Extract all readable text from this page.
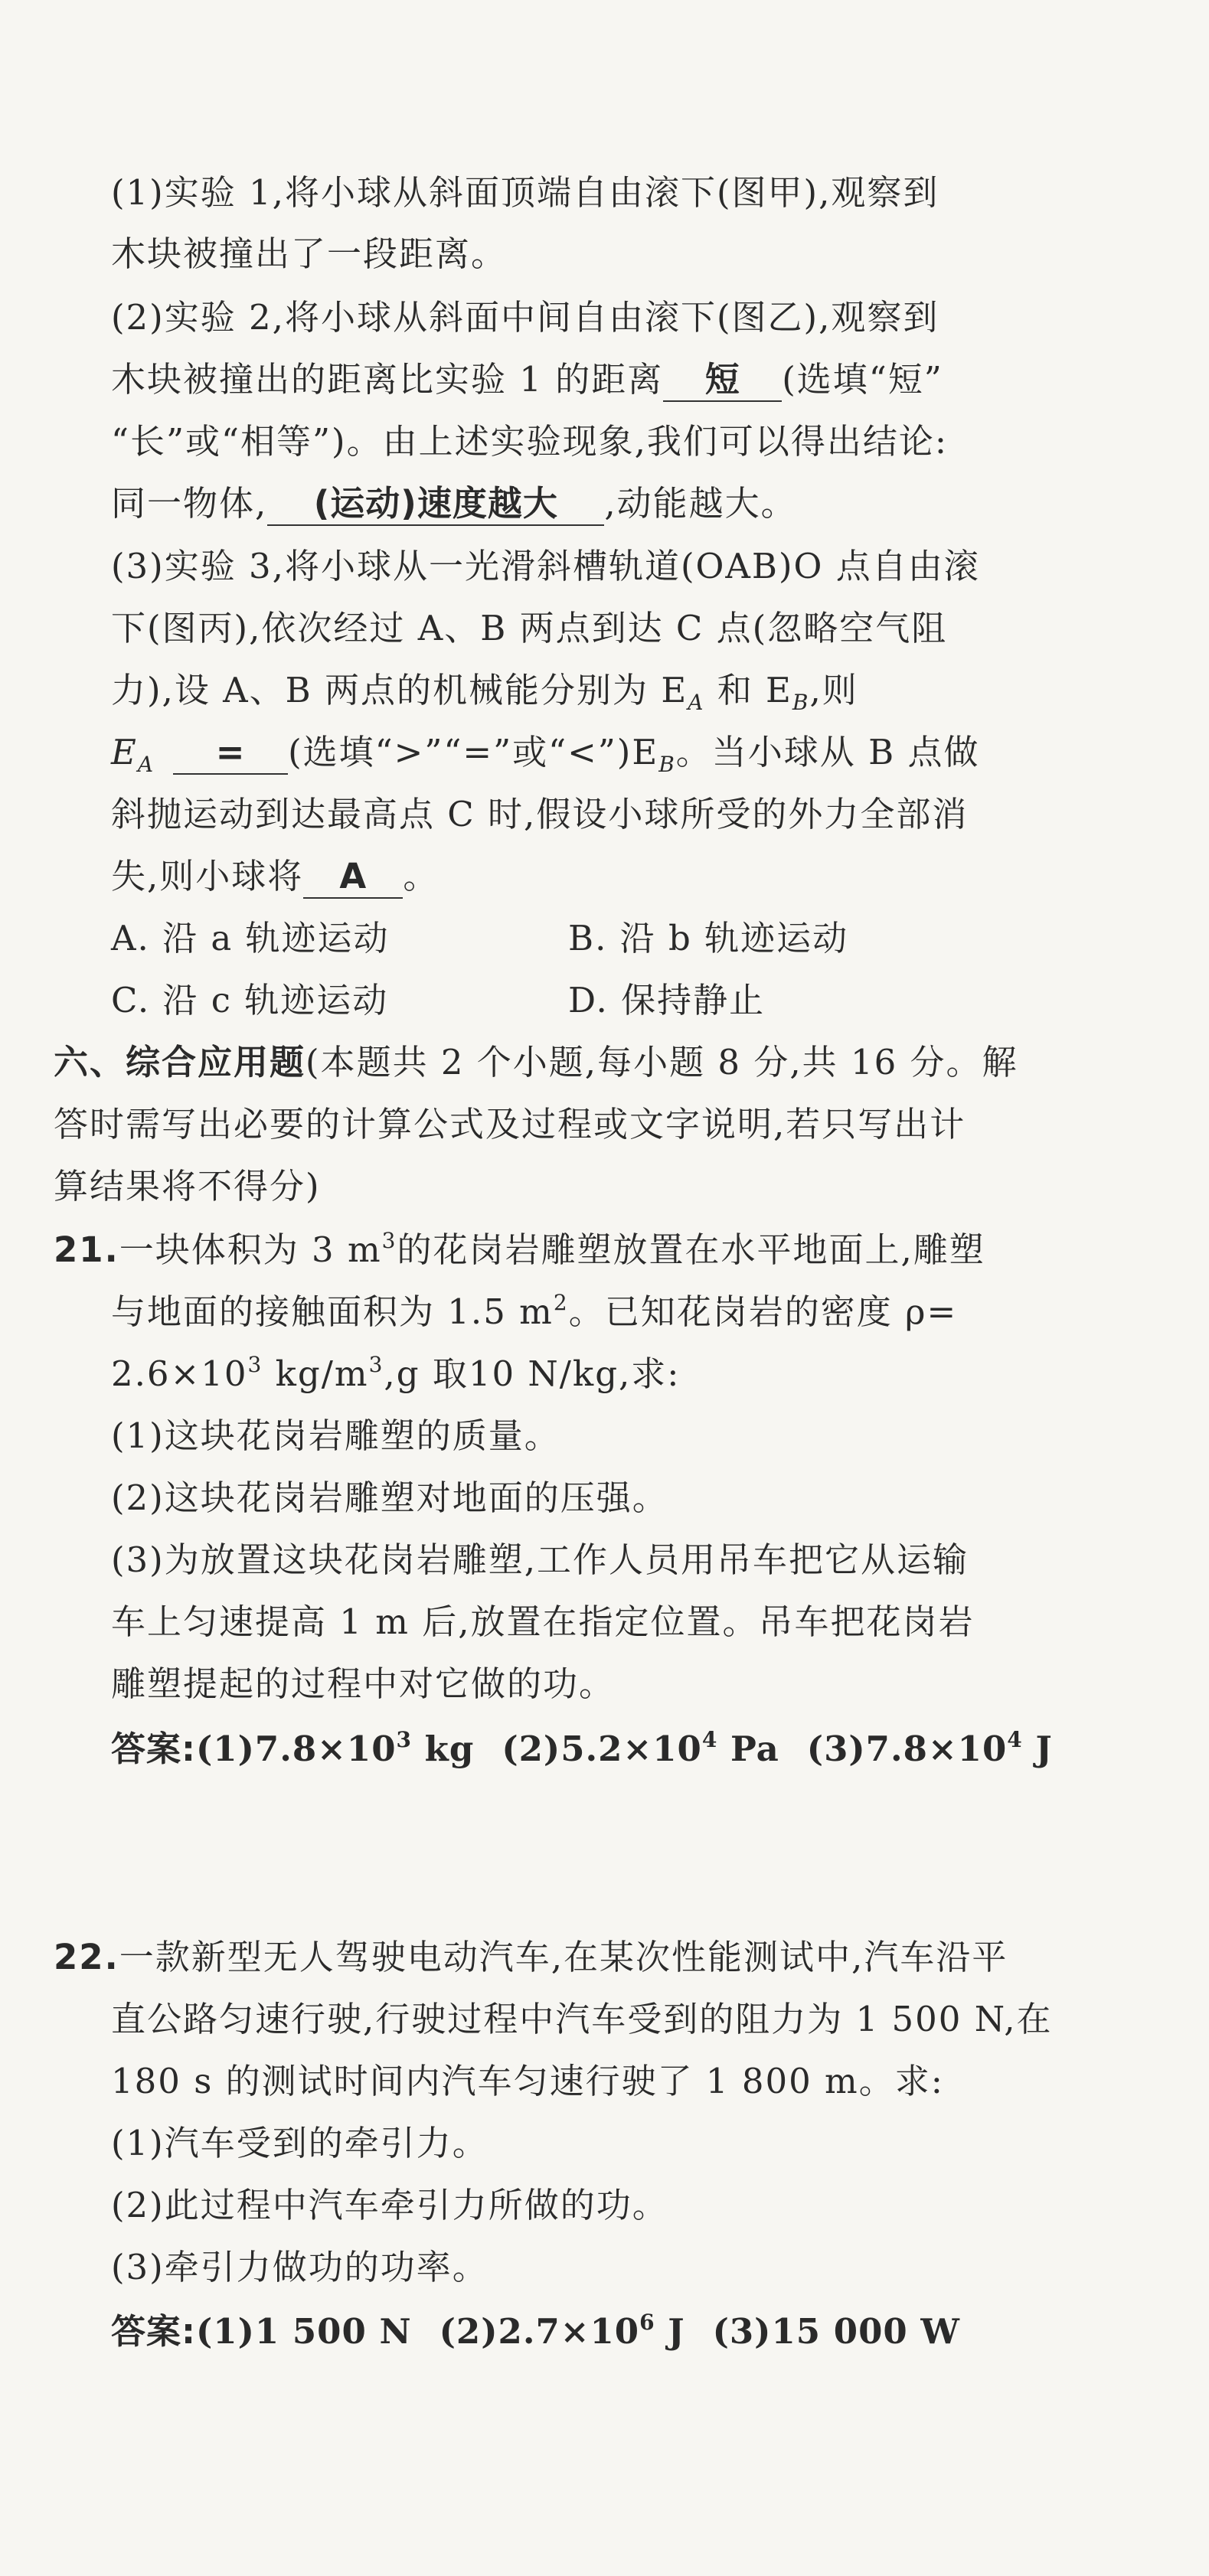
(1)实验 1,将小球从斜面顶端自由滚下(图甲),观察到
木块被撞出了一段距离。
(2)实验 2,将小球从斜面中间自由滚下(图乙),观察到
木块被撞出的距离比实验 1 的距离 短 (选填“短”
“长”或“相等”)。由上述实验现象,我们可以得出结论:
同一物体, (运动)速度越大 ,动能越大。
(3)实验 3,将小球从一光滑斜槽轨道(OAB)O 点自由滚
下(图丙),依次经过 A、B 两点到达 C 点(忽略空气阻
力),设 A、B 两点的机械能分别为 $E_A$ 和 $E_B$,则
$E_A$ = (选填“>”“=”或“$<”)E_B$。当小球从 B 点做
斜抛运动到达最高点 C 时,假设小球所受的外力全部消
失,则小球将 A 。
A. 沿 a 轨迹运动	B. 沿 b 轨迹运动
C. 沿 c 轨迹运动	D. 保持静止
六、综合应用题(本题共 2 个小题,每小题 8 分,共 16 分。解
答时需写出必要的计算公式及过程或文字说明,若只写出计
算结果将不得分)
21.一块体积为 3 $m^3$的花岗岩雕塑放置在水平地面上,雕塑
与地面的接触面积为 1.5 $m^2$。已知花岗岩的密度 ρ=
$2.6\times 10^3$ $kg/m^3,g$ 取10 N/kg,求:
(1)这块花岗岩雕塑的质量。
(2)这块花岗岩雕塑对地面的压强。
(3)为放置这块花岗岩雕塑,工作人员用吊车把它从运输
车上匀速提高 1 m 后,放置在指定位置。吊车把花岗岩
雕塑提起的过程中对它做的功。
答案$:(1)7.8\times 10^3$ kg $(2)5.2\times 10^4$ Pa $(3)7.8\times 10^4$ J
22.一款新型无人驾驶电动汽车,在某次性能测试中,汽车沿平
直公路匀速行驶,行驶过程中汽车受到的阻力为 1 500 N,在
180 s 的测试时间内汽车匀速行驶了 1 800 m。求:
(1)汽车受到的牵引力。
(2)此过程中汽车牵引力所做的功。
(3)牵引力做功的功率。
答案:(1)1 500 N $(2)2.7\times 10^6$ J (3)15 000 W
